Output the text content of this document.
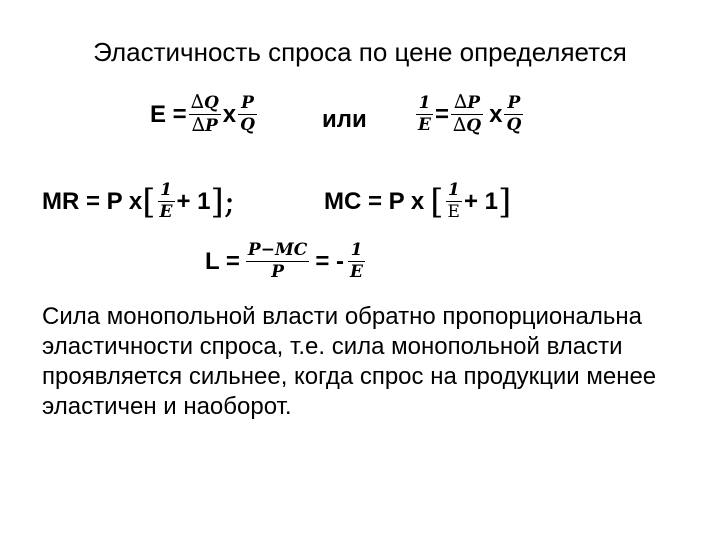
Эластичность спроса по цене определяется
$E = \frac{\Delta Q}{\Delta P}$ x $\frac{P}{Q}$	или	$\frac{1}{E} = \frac{\Delta P}{\Delta Q}$ x $\frac{P}{Q}$
MR = P x [ $\frac{1}{E} + 1$ ];	MC = P x [ $\frac{1}{E} + 1$ ]
$L = \frac{P-MC}{P}$ = - $\frac{1}{E}$

Сила монопольной власти обратно пропорциональна эластичности спроса, т.е. сила монопольной власти проявляется сильнее, когда спрос на продукции менее эластичен и наоборот.
